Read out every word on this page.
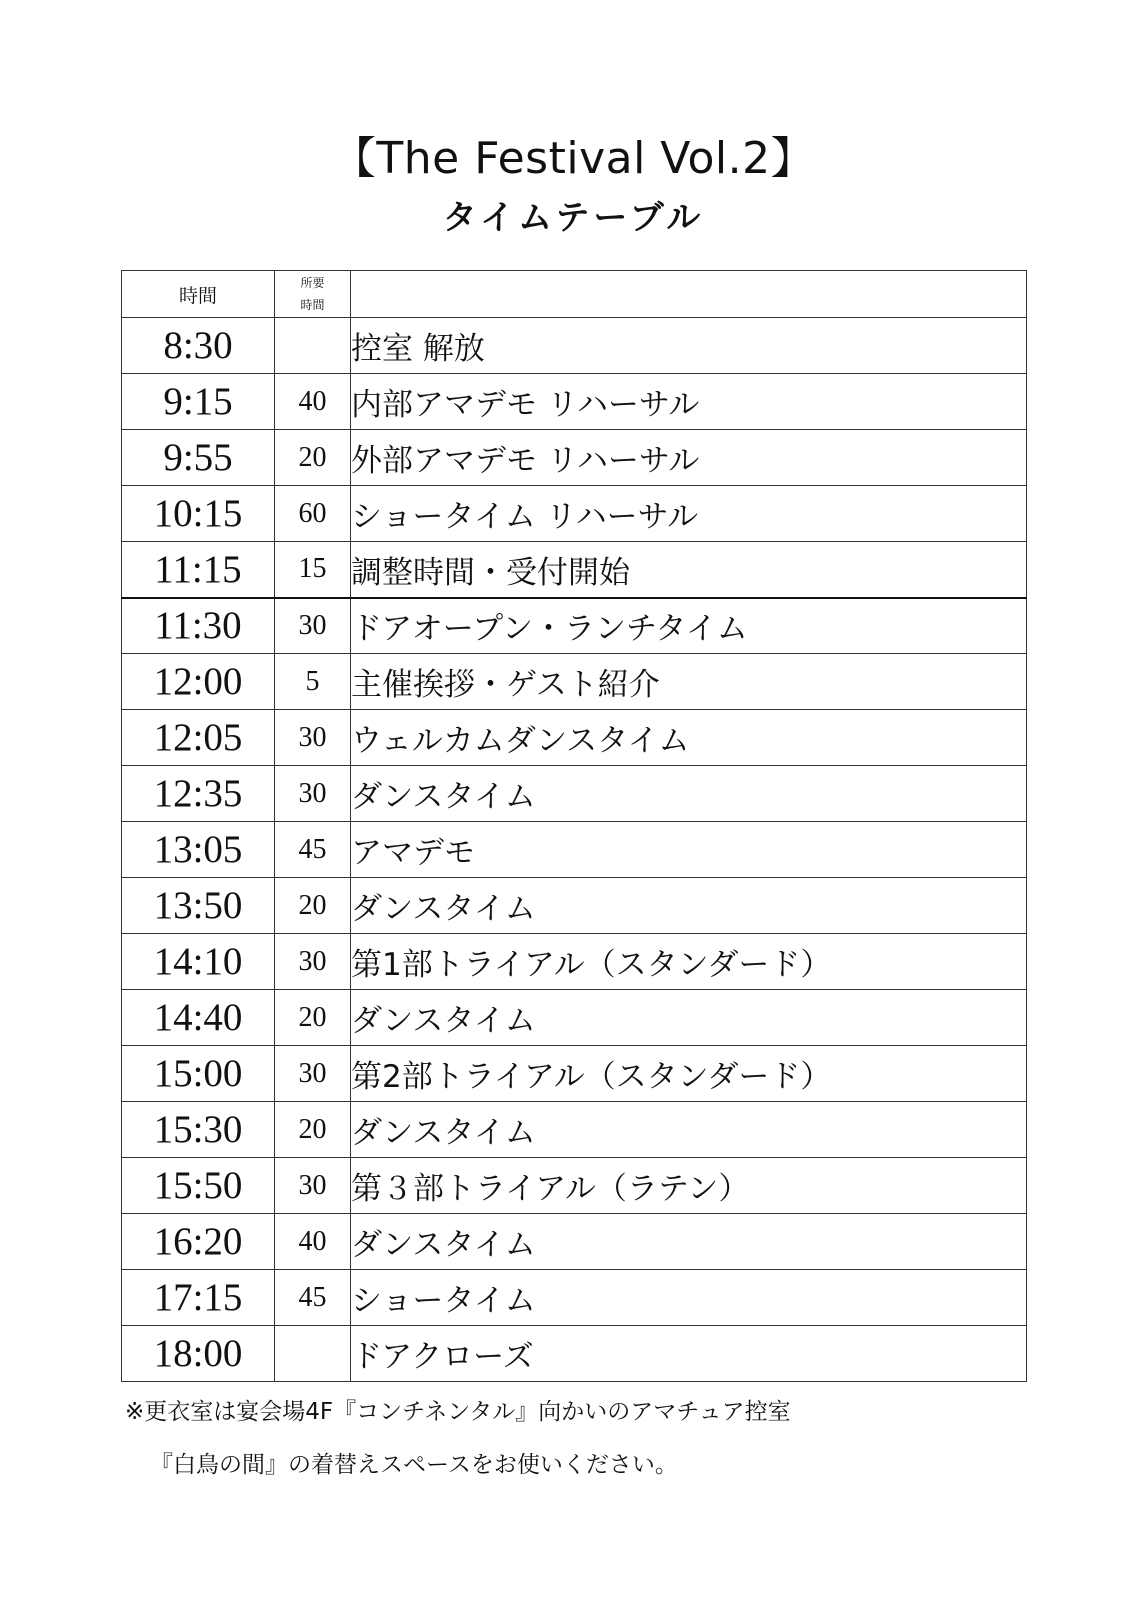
【The Festival Vol.2】
タイムテーブル
時間	所要
時間	

8:30		控室 解放
9:15	40	内部アマデモ リハーサル
9:55	20	外部アマデモ リハーサル
10:15	60	ショータイム リハーサル
11:15	15	調整時間・受付開始
11:30	30	ドアオープン・ランチタイム
12:00	5	主催挨拶・ゲスト紹介
12:05	30	ウェルカムダンスタイム
12:35	30	ダンスタイム
13:05	45	アマデモ
13:50	20	ダンスタイム
14:10	30	第1部トライアル（スタンダード）
14:40	20	ダンスタイム
15:00	30	第2部トライアル（スタンダード）
15:30	20	ダンスタイム
15:50	30	第３部トライアル（ラテン）
16:20	40	ダンスタイム
17:15	45	ショータイム
18:00		ドアクローズ
※更衣室は宴会場4F『コンチネンタル』向かいのアマチュア控室
『白鳥の間』の着替えスペースをお使いください。
